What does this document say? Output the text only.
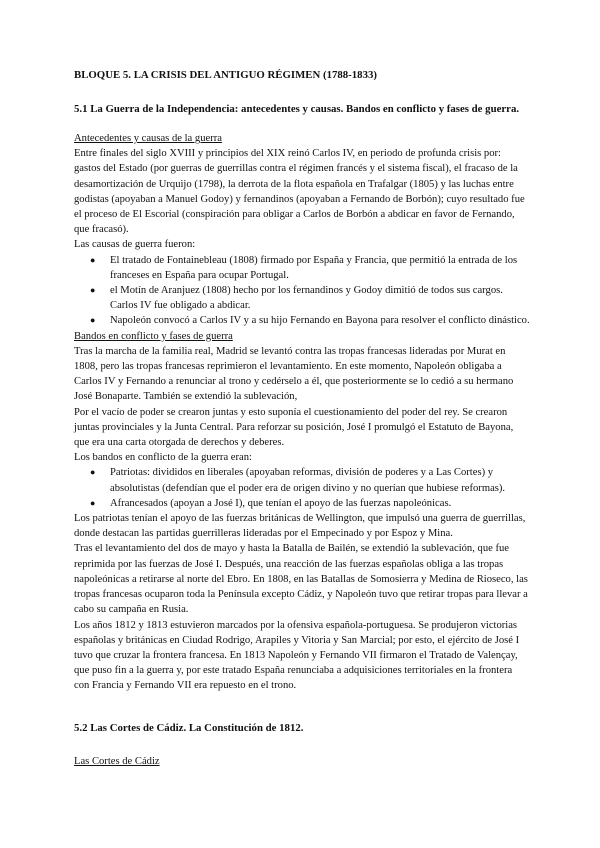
BLOQUE 5. LA CRISIS DEL ANTIGUO RÉGIMEN (1788-1833)
5.1 La Guerra de la Independencia: antecedentes y causas. Bandos en conflicto y fases de guerra.

Antecedentes y causas de la guerra

Entre finales del siglo XVIII y principios del XIX reinó Carlos IV, en periodo de profunda crisis por: gastos del Estado (por guerras de guerrillas contra el régimen francés y el sistema fiscal), el fracaso de la desamortización de Urquijo (1798), la derrota de la flota española en Trafalgar (1805) y las luchas entre godistas (apoyaban a Manuel Godoy) y fernandinos (apoyaban a Fernando de Borbón); cuyo resultado fue el proceso de El Escorial (conspiración para obligar a Carlos de Borbón a abdicar en favor de Fernando, que fracasó).

Las causas de guerra fueron:

● El tratado de Fontainebleau (1808) firmado por España y Francia, que permitió la entrada de los franceses en España para ocupar Portugal.
● el Motín de Aranjuez (1808) hecho por los fernandinos y Godoy dimitió de todos sus cargos. Carlos IV fue obligado a abdicar.
● Napoleón convocó a Carlos IV y a su hijo Fernando en Bayona para resolver el conflicto dinástico.

Bandos en conflicto y fases de guerra

Tras la marcha de la familia real, Madrid se levantó contra las tropas francesas lideradas por Murat en 1808, pero las tropas francesas reprimieron el levantamiento. En este momento, Napoleón obligaba a Carlos IV y Fernando a renunciar al trono y cedérselo a él, que posteriormente se lo cedió a su hermano José Bonaparte. También se extendió la sublevación,

Por el vacío de poder se crearon juntas y esto suponía el cuestionamiento del poder del rey. Se crearon juntas provinciales y la Junta Central. Para reforzar su posición, José I promulgó el Estatuto de Bayona, que era una carta otorgada de derechos y deberes.

Los bandos en conflicto de la guerra eran:

● Patriotas: divididos en liberales (apoyaban reformas, división de poderes y a Las Cortes) y absolutistas (defendían que el poder era de origen divino y no querían que hubiese reformas).
● Afrancesados (apoyan a José I), que tenían el apoyo de las fuerzas napoleónicas.

Los patriotas tenían el apoyo de las fuerzas británicas de Wellington, que impulsó una guerra de guerrillas, donde destacan las partidas guerrilleras lideradas por el Empecinado y por Espoz y Mina.

Tras el levantamiento del dos de mayo y hasta la Batalla de Bailén, se extendió la sublevación, que fue reprimida por las fuerzas de José I. Después, una reacción de las fuerzas españolas obliga a las tropas napoleónicas a retirarse al norte del Ebro. En 1808, en las Batallas de Somosierra y Medina de Rioseco, las tropas francesas ocuparon toda la Península excepto Cádiz, y Napoleón tuvo que retirar tropas para llevar a cabo su campaña en Rusia.

Los años 1812 y 1813 estuvieron marcados por la ofensiva española-portuguesa. Se produjeron victorias españolas y británicas en Ciudad Rodrigo, Arapiles y Vitoria y San Marcial; por esto, el ejército de José I tuvo que cruzar la frontera francesa. En 1813 Napoleón y Fernando VII firmaron el Tratado de Valençay, que puso fin a la guerra y, por este tratado España renunciaba a adquisiciones territoriales en la frontera con Francia y Fernando VII era repuesto en el trono.

5.2 Las Cortes de Cádiz. La Constitución de 1812.

Las Cortes de Cádiz
